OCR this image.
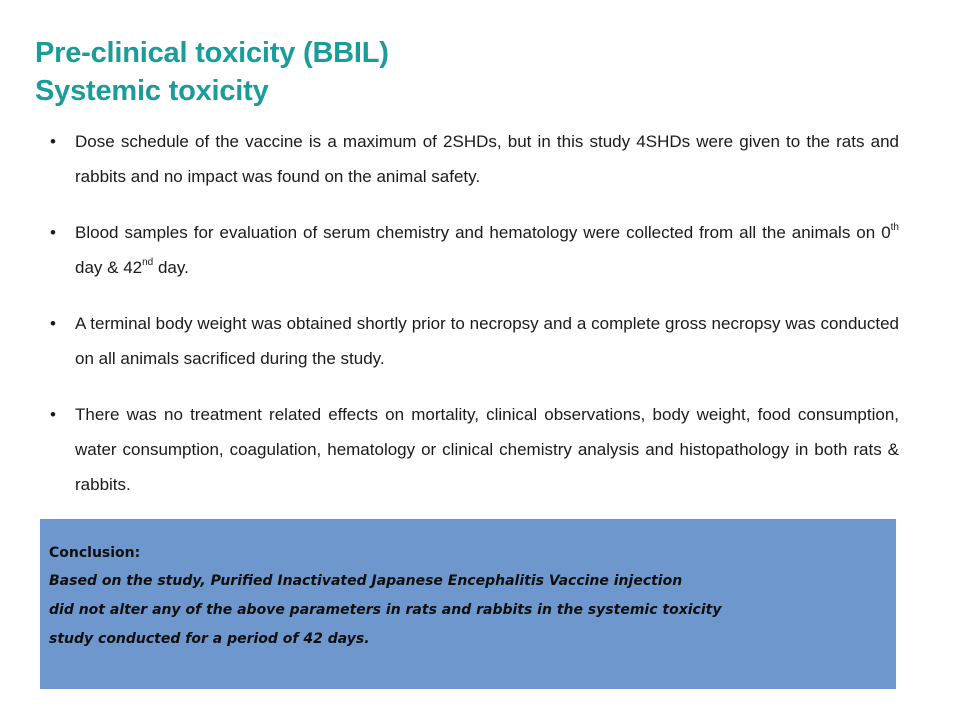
Pre-clinical toxicity (BBIL)
Systemic toxicity
• Dose schedule of the vaccine is a maximum of 2SHDs, but in this study 4SHDs were given to the rats and rabbits and no impact was found on the animal safety.
• Blood samples for evaluation of serum chemistry and hematology were collected from all the animals on 0th day & 42nd day.
• A terminal body weight was obtained shortly prior to necropsy and a complete gross necropsy was conducted on all animals sacrificed during the study.
• There was no treatment related effects on mortality, clinical observations, body weight, food consumption, water consumption, coagulation, hematology or clinical chemistry analysis and histopathology in both rats & rabbits.
Conclusion:
Based on the study, Purified Inactivated Japanese Encephalitis Vaccine injection
did not alter any of the above parameters in rats and rabbits in the systemic toxicity
study conducted for a period of 42 days.
